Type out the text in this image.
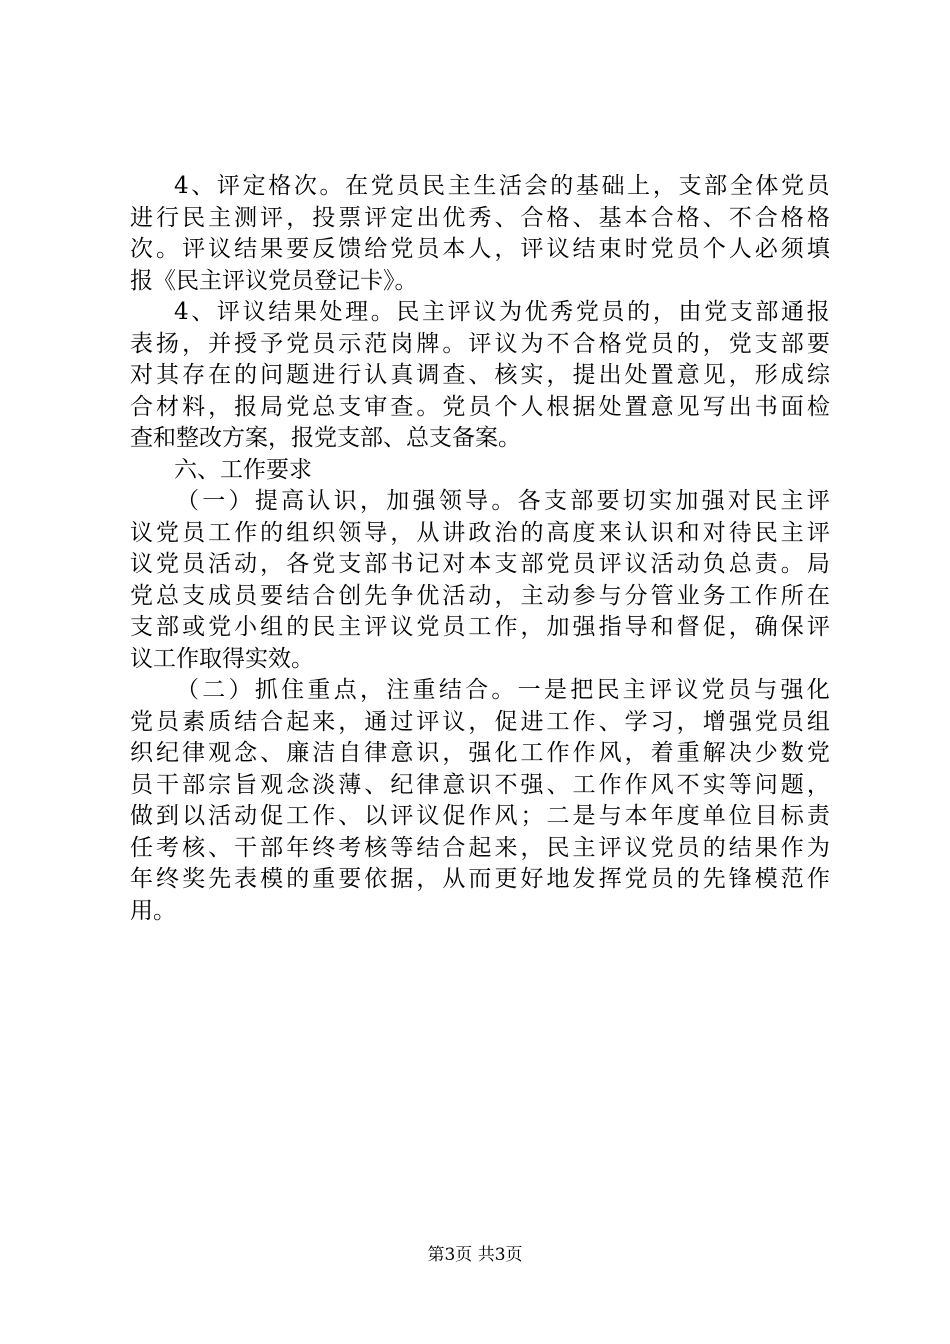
4 、 评 定 格 次 。 在 党 员 民 主 生 活 会 的 基 础 上 ， 支 部 全 体 党 员
进 行 民 主 测 评 ， 投 票 评 定 出 优 秀 、 合 格 、 基 本 合 格 、 不 合 格 格
次 。 评 议 结 果 要 反 馈 给 党 员 本 人 ， 评 议 结 束 时 党 员 个 人 必 须 填
报《民主评议党员登记卡》。
4 、 评 议 结 果 处 理 。 民 主 评 议 为 优 秀 党 员 的 ， 由 党 支 部 通 报
表 扬 ， 并 授 予 党 员 示 范 岗 牌 。 评 议 为 不 合 格 党 员 的 ， 党 支 部 要
对 其 存 在 的 问 题 进 行 认 真 调 查 、 核 实 ， 提 出 处 置 意 见 ， 形 成 综
合 材 料 ， 报 局 党 总 支 审 查 。 党 员 个 人 根 据 处 置 意 见 写 出 书 面 检
查和整改方案，报党支部、总支备案。
六、工作要求
（ 一 ） 提 高 认 识 ， 加 强 领 导 。 各 支 部 要 切 实 加 强 对 民 主 评
议 党 员 工 作 的 组 织 领 导 ， 从 讲 政 治 的 高 度 来 认 识 和 对 待 民 主 评
议 党 员 活 动 ， 各 党 支 部 书 记 对 本 支 部 党 员 评 议 活 动 负 总 责 。 局
党 总 支 成 员 要 结 合 创 先 争 优 活 动 ， 主 动 参 与 分 管 业 务 工 作 所 在
支 部 或 党 小 组 的 民 主 评 议 党 员 工 作 ， 加 强 指 导 和 督 促 ， 确 保 评
议工作取得实效。
（ 二 ） 抓 住 重 点 ， 注 重 结 合 。 一 是 把 民 主 评 议 党 员 与 强 化
党 员 素 质 结 合 起 来 ， 通 过 评 议 ， 促 进 工 作 、 学 习 ， 增 强 党 员 组
织 纪 律 观 念 、 廉 洁 自 律 意 识 ， 强 化 工 作 作 风 ， 着 重 解 决 少 数 党
员 干 部 宗 旨 观 念 淡 薄 、 纪 律 意 识 不 强 、 工 作 作 风 不 实 等 问 题 ，
做 到 以 活 动 促 工 作 、 以 评 议 促 作 风 ； 二 是 与 本 年 度 单 位 目 标 责
任 考 核 、 干 部 年 终 考 核 等 结 合 起 来 ， 民 主 评 议 党 员 的 结 果 作 为
年 终 奖 先 表 模 的 重 要 依 据 ， 从 而 更 好 地 发 挥 党 员 的 先 锋 模 范 作
用。
第3页 共3页
